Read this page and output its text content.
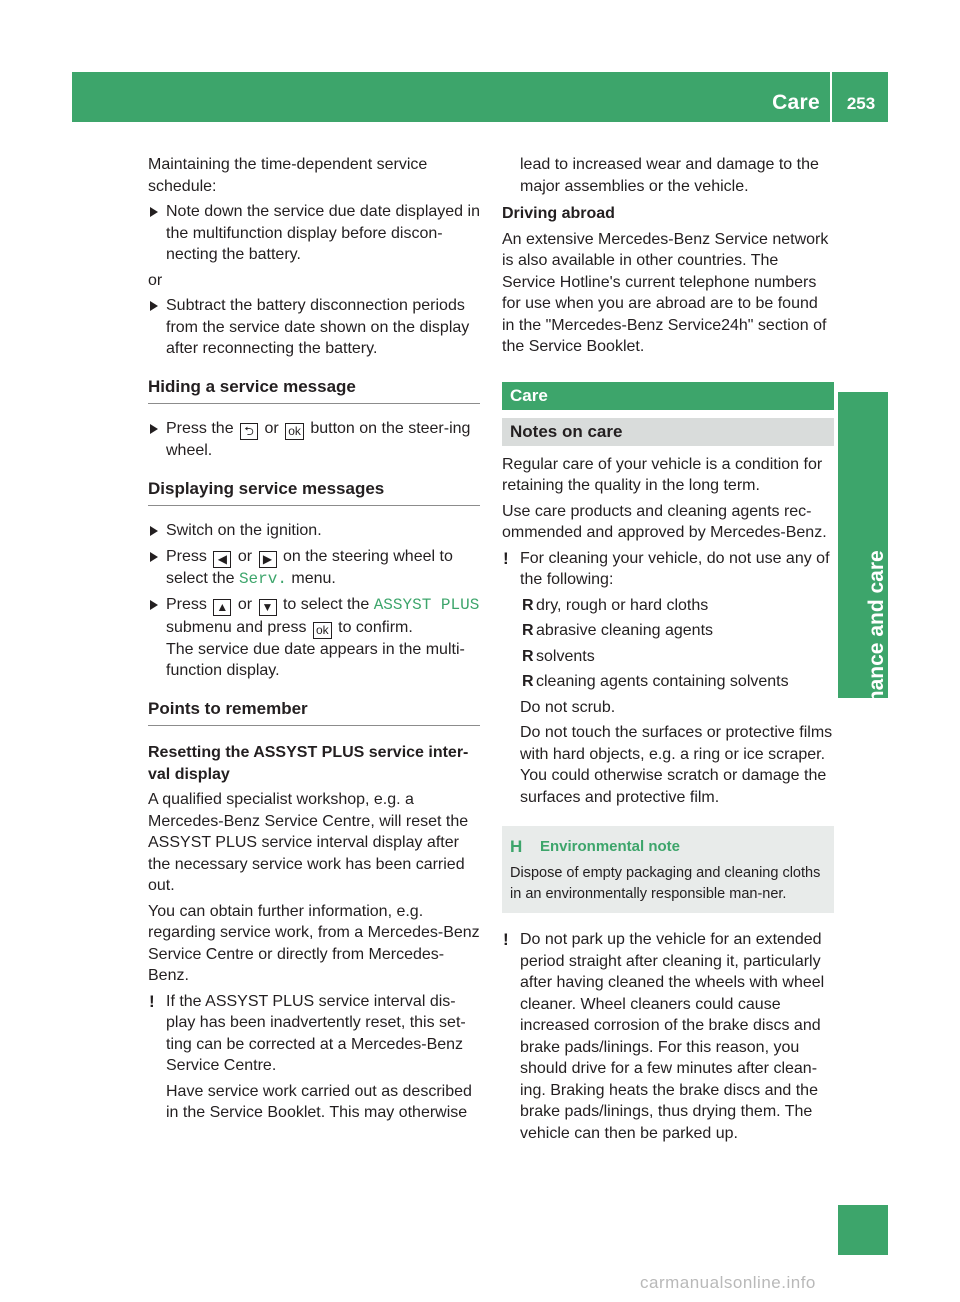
Care	253
Maintenance and care

Maintaining the time-dependent service schedule:

Note down the service due date displayed in the multifunction display before discon-necting the battery.

or

Subtract the battery disconnection periods from the service date shown on the display after reconnecting the battery.
Hiding a service message
Press the ⮌ or ok button on the steer-ing wheel.
Displaying service messages
Switch on the ignition.
Press ◀ or ▶ on the steering wheel to select the Serv. menu.
Press ▲ or ▼ to select the ASSYST PLUS submenu and press ok to confirm.
The service due date appears in the multi-function display.
Points to remember
Resetting the ASSYST PLUS service inter-val display

A qualified specialist workshop, e.g. a Mercedes-Benz Service Centre, will reset the ASSYST PLUS service interval display after the necessary service work has been carried out.

You can obtain further information, e.g. regarding service work, from a Mercedes-Benz Service Centre or directly from Mercedes-Benz.

! If the ASSYST PLUS service interval dis-play has been inadvertently reset, this set-ting can be corrected at a Mercedes-Benz Service Centre.
Have service work carried out as described in the Service Booklet. This may otherwise
lead to increased wear and damage to the major assemblies or the vehicle.
Driving abroad

An extensive Mercedes-Benz Service network is also available in other countries. The Service Hotline's current telephone numbers for use when you are abroad are to be found in the "Mercedes-Benz Service24h" section of the Service Booklet.

Care
Notes on care

Regular care of your vehicle is a condition for retaining the quality in the long term.

Use care products and cleaning agents rec-ommended and approved by Mercedes-Benz.

! For cleaning your vehicle, do not use any of the following:
R dry, rough or hard cloths
R abrasive cleaning agents
R solvents
R cleaning agents containing solvents
Do not scrub.
Do not touch the surfaces or protective films with hard objects, e.g. a ring or ice scraper. You could otherwise scratch or damage the surfaces and protective film.
H Environmental note
Dispose of empty packaging and cleaning cloths in an environmentally responsible man-ner.
! Do not park up the vehicle for an extended period straight after cleaning it, particularly after having cleaned the wheels with wheel cleaner. Wheel cleaners could cause increased corrosion of the brake discs and brake pads/linings. For this reason, you should drive for a few minutes after clean-ing. Braking heats the brake discs and the brake pads/linings, thus drying them. The vehicle can then be parked up.
carmanualsonline.info
